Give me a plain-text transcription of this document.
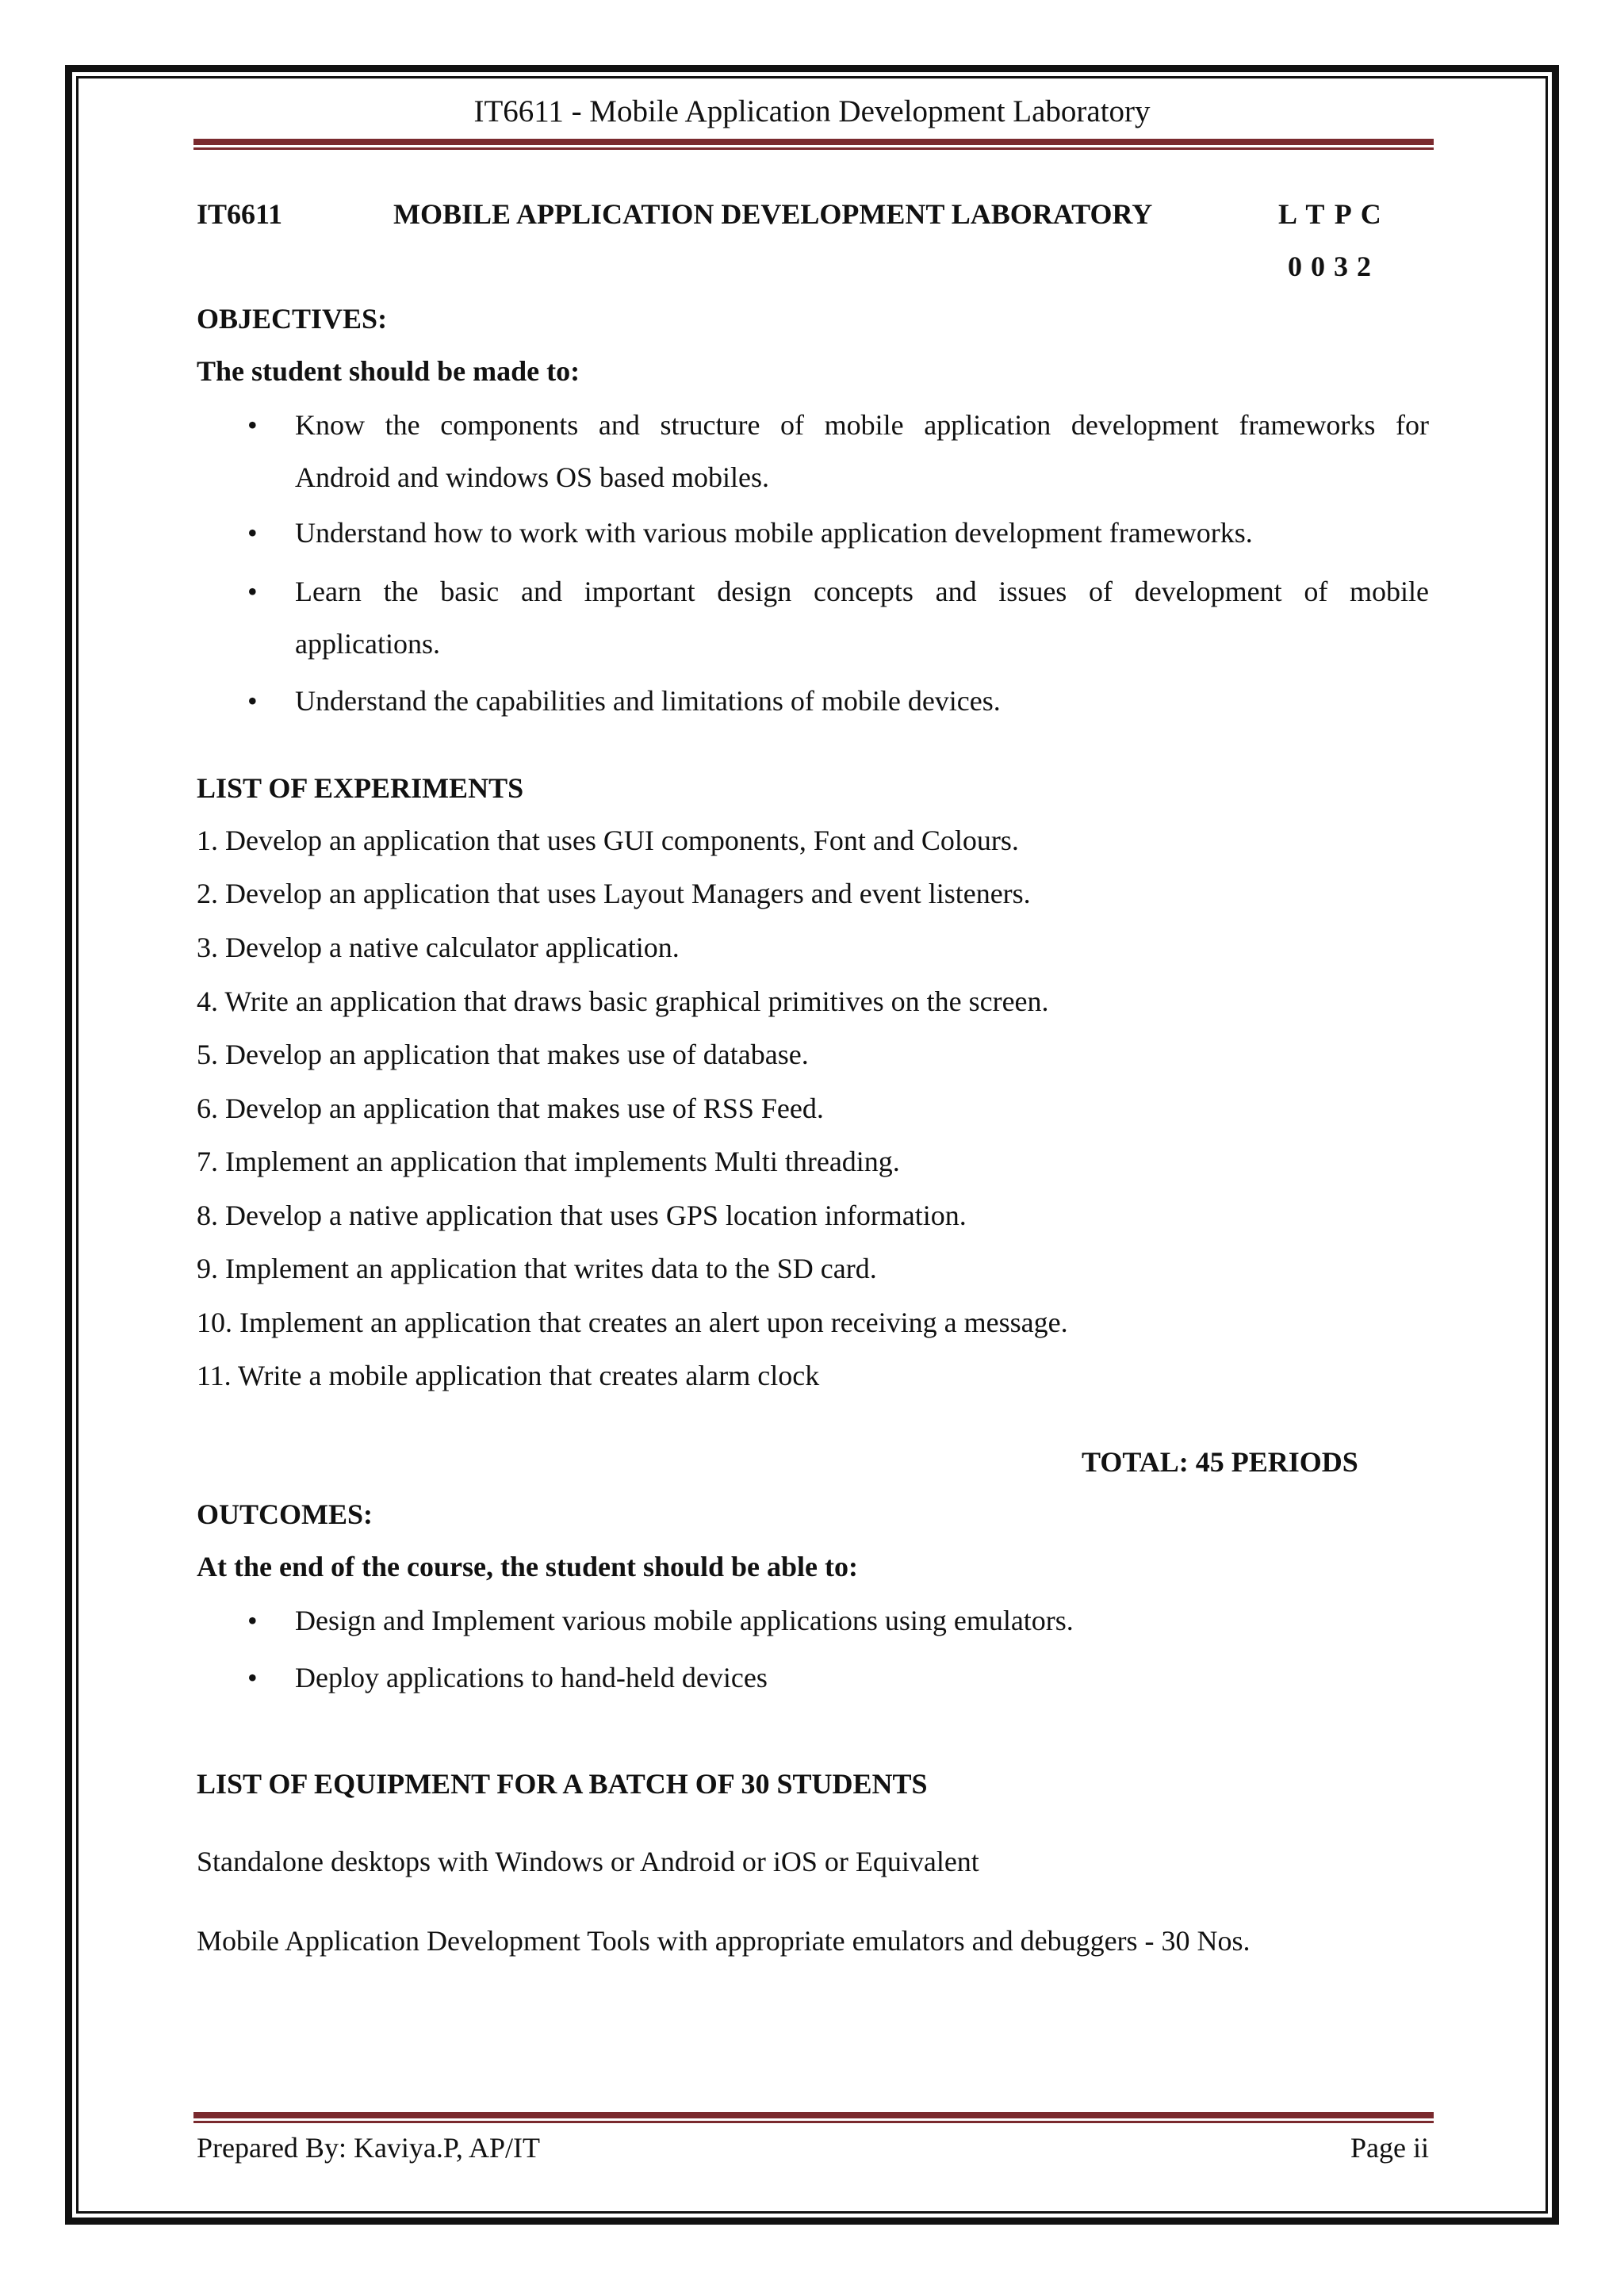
IT6611 - Mobile Application Development Laboratory
IT6611	MOBILE APPLICATION DEVELOPMENT LABORATORY	L T P C
0 0 3 2
OBJECTIVES:
The student should be made to:
• Know the components and structure of mobile application development frameworks for
Android and windows OS based mobiles.
• Understand how to work with various mobile application development frameworks.
• Learn the basic and important design concepts and issues of development of mobile
applications.
• Understand the capabilities and limitations of mobile devices.
LIST OF EXPERIMENTS
1. Develop an application that uses GUI components, Font and Colours.
2. Develop an application that uses Layout Managers and event listeners.
3. Develop a native calculator application.
4. Write an application that draws basic graphical primitives on the screen.
5. Develop an application that makes use of database.
6. Develop an application that makes use of RSS Feed.
7. Implement an application that implements Multi threading.
8. Develop a native application that uses GPS location information.
9. Implement an application that writes data to the SD card.
10. Implement an application that creates an alert upon receiving a message.
11. Write a mobile application that creates alarm clock
TOTAL: 45 PERIODS
OUTCOMES:
At the end of the course, the student should be able to:
• Design and Implement various mobile applications using emulators.
• Deploy applications to hand-held devices
LIST OF EQUIPMENT FOR A BATCH OF 30 STUDENTS
Standalone desktops with Windows or Android or iOS or Equivalent
Mobile Application Development Tools with appropriate emulators and debuggers - 30 Nos.
Prepared By: Kaviya.P, AP/IT	Page ii
